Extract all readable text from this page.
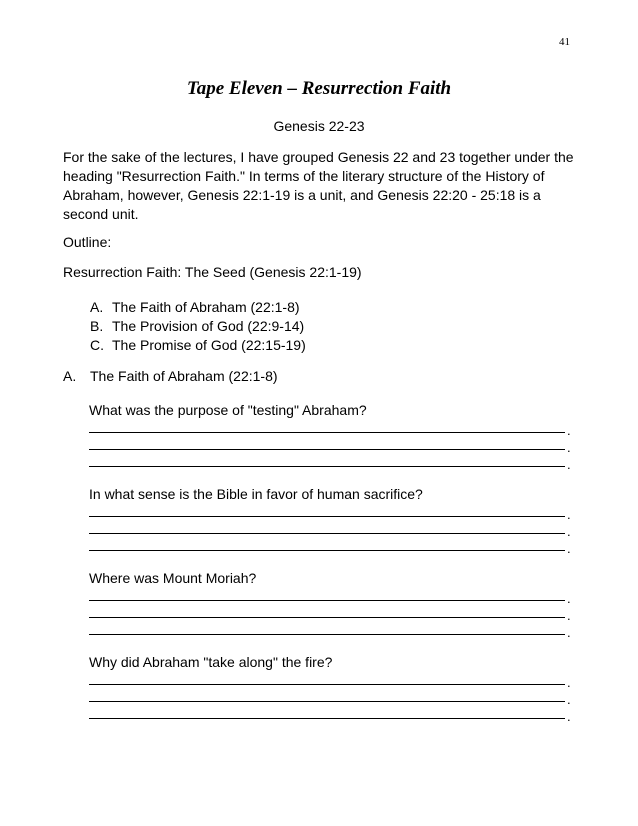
41
Tape Eleven – Resurrection Faith
Genesis 22-23

For the sake of the lectures, I have grouped Genesis 22 and 23 together under the heading "Resurrection Faith." In terms of the literary structure of the History of Abraham, however, Genesis 22:1-19 is a unit, and Genesis 22:20 - 25:18 is a second unit.

Outline:

Resurrection Faith: The Seed (Genesis 22:1-19)

A. The Faith of Abraham (22:1-8)
B. The Provision of God (22:9-14)
C. The Promise of God (22:15-19)

A. The Faith of Abraham (22:1-8)

What was the purpose of "testing" Abraham?

.
.
.

In what sense is the Bible in favor of human sacrifice?

.
.
.

Where was Mount Moriah?

.
.
.

Why did Abraham "take along" the fire?

.
.
.
